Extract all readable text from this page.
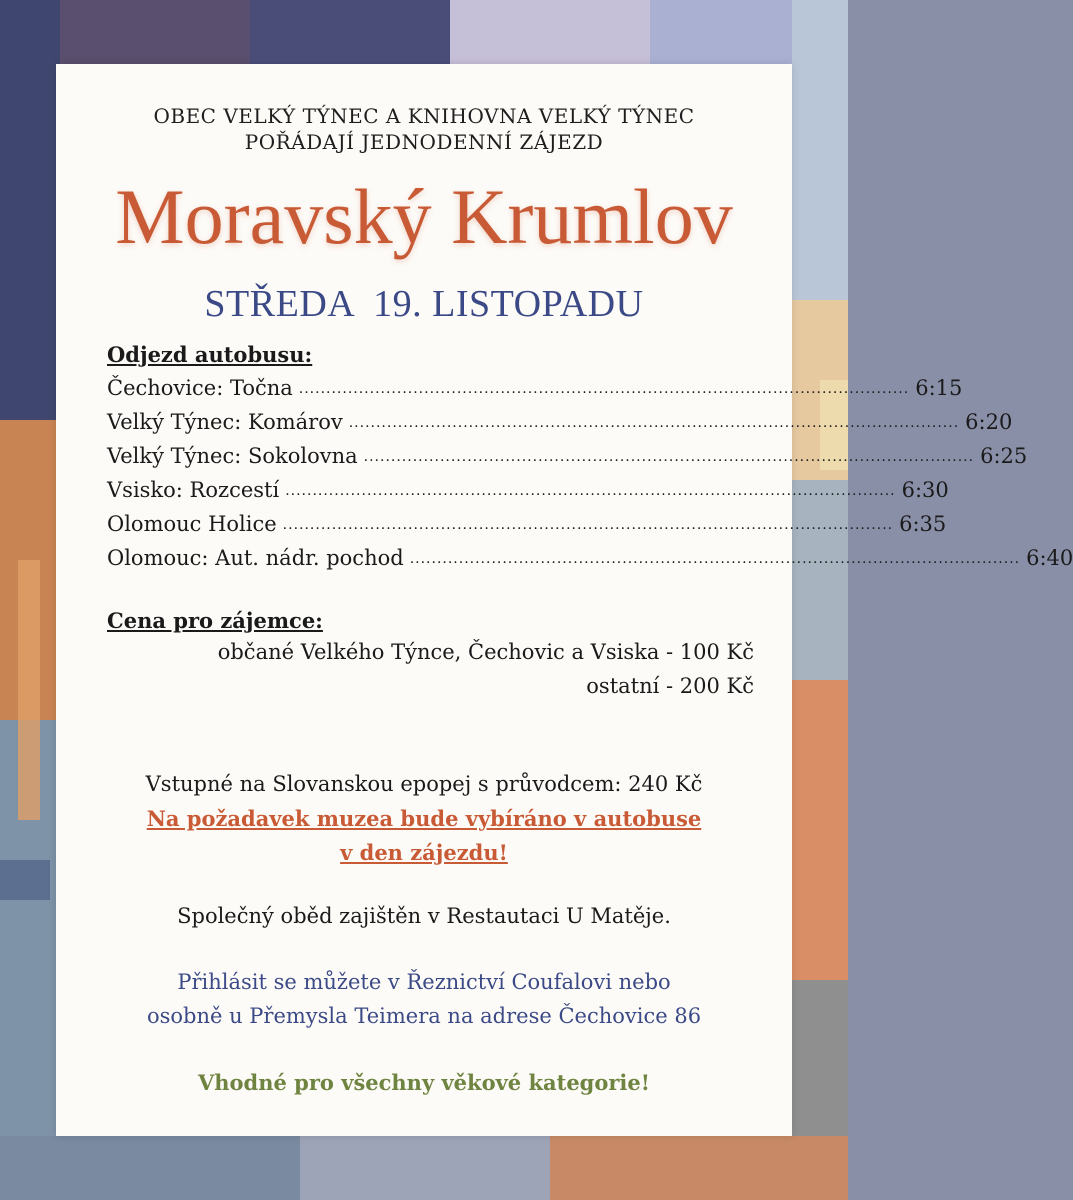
OBEC VELKÝ TÝNEC A KNIHOVNA VELKÝ TÝNEC
POŘÁDAJÍ JEDNODENNÍ ZÁJEZD
Moravský Krumlov
STŘEDA  19. LISTOPADU
Odjezd autobusu:
Čechovice: Točna ................................................................................................................ 6:15
Velký Týnec: Komárov ................................................................................................................ 6:20
Velký Týnec: Sokolovna ................................................................................................................ 6:25
Vsisko: Rozcestí ................................................................................................................ 6:30
Olomouc Holice ................................................................................................................ 6:35
Olomouc: Aut. nádr. pochod ................................................................................................................ 6:40
Cena pro zájemce:
občané Velkého Týnce, Čechovic a Vsiska - 100 Kč
ostatní - 200 Kč
Vstupné na Slovanskou epopej s průvodcem: 240 Kč
Na požadavek muzea bude vybíráno v autobuse
v den zájezdu!
Společný oběd zajištěn v Restautaci U Matěje.
Přihlásit se můžete v Řeznictví Coufalovi nebo
osobně u Přemysla Teimera na adrese Čechovice 86
Vhodné pro všechny věkové kategorie!
